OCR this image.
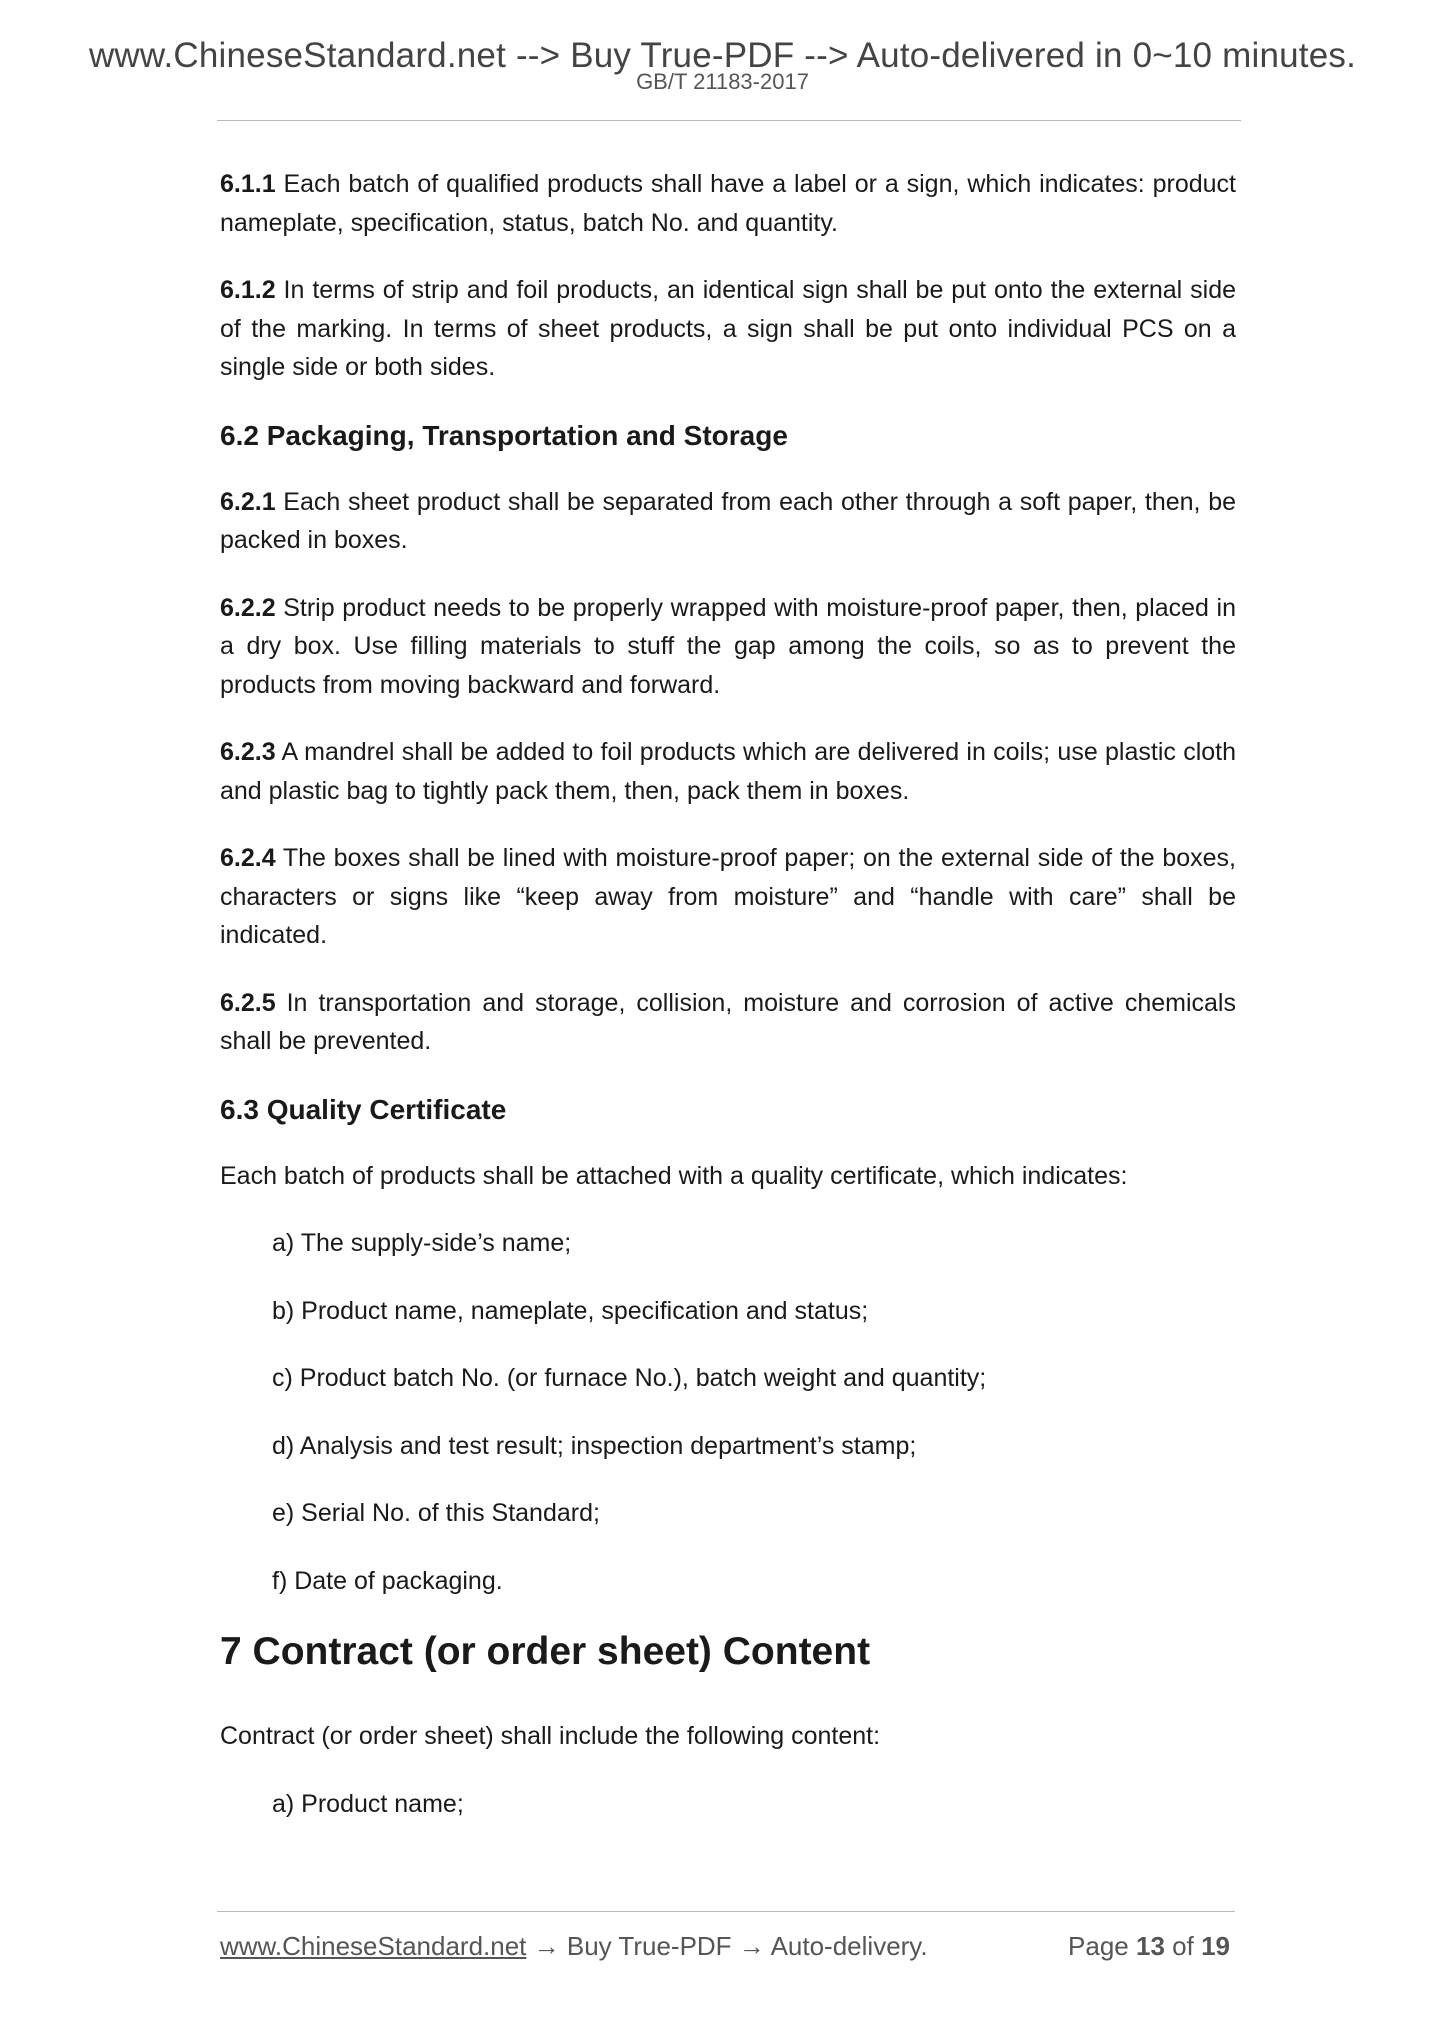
www.ChineseStandard.net --> Buy True-PDF --> Auto-delivered in 0~10 minutes.
GB/T 21183-2017

6.1.1 Each batch of qualified products shall have a label or a sign, which indicates: product nameplate, specification, status, batch No. and quantity.

6.1.2 In terms of strip and foil products, an identical sign shall be put onto the external side of the marking. In terms of sheet products, a sign shall be put onto individual PCS on a single side or both sides.

6.2 Packaging, Transportation and Storage

6.2.1 Each sheet product shall be separated from each other through a soft paper, then, be packed in boxes.

6.2.2 Strip product needs to be properly wrapped with moisture-proof paper, then, placed in a dry box. Use filling materials to stuff the gap among the coils, so as to prevent the products from moving backward and forward.

6.2.3 A mandrel shall be added to foil products which are delivered in coils; use plastic cloth and plastic bag to tightly pack them, then, pack them in boxes.

6.2.4 The boxes shall be lined with moisture-proof paper; on the external side of the boxes, characters or signs like “keep away from moisture” and “handle with care” shall be indicated.

6.2.5 In transportation and storage, collision, moisture and corrosion of active chemicals shall be prevented.

6.3 Quality Certificate

Each batch of products shall be attached with a quality certificate, which indicates:

a) The supply-side’s name;
b) Product name, nameplate, specification and status;
c) Product batch No. (or furnace No.), batch weight and quantity;
d) Analysis and test result; inspection department’s stamp;
e) Serial No. of this Standard;
f) Date of packaging.
7 Contract (or order sheet) Content

Contract (or order sheet) shall include the following content:

a) Product name;
www.ChineseStandard.net → Buy True-PDF → Auto-delivery.	Page 13 of 19
